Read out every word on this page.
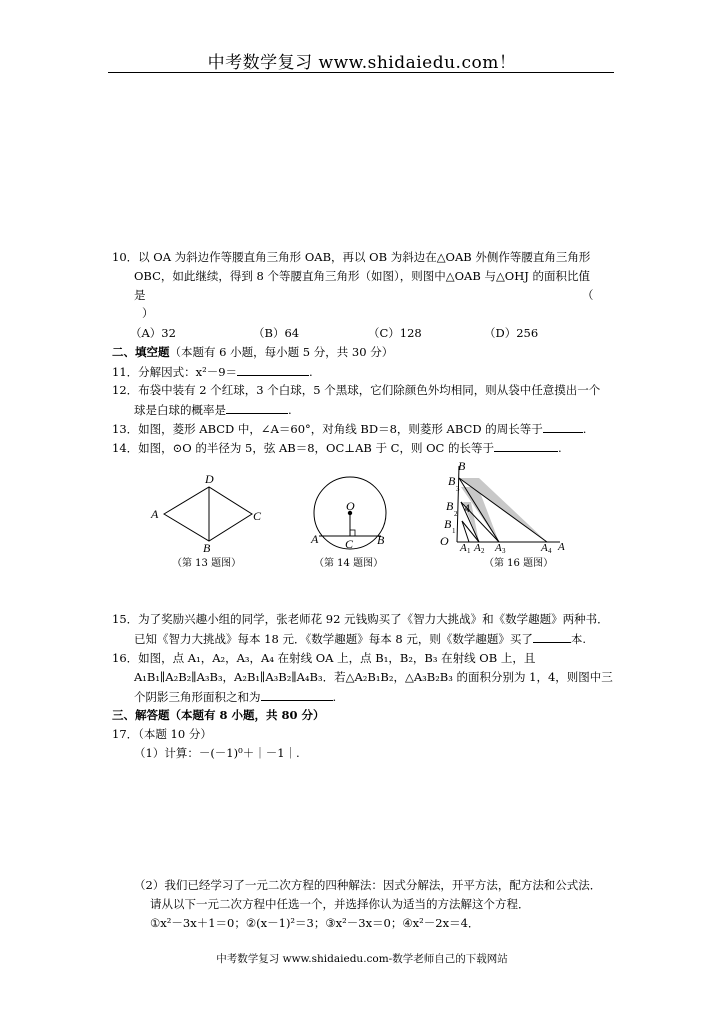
中考数学复习 www.shidaiedu.com！
10．以 OA 为斜边作等腰直角三角形 OAB，再以 OB 为斜边在△OAB 外侧作等腰直角三角形
OBC，如此继续，得到 8 个等腰直角三角形（如图），则图中△OAB 与△OHJ 的面积比值
是	（
）
（A）32	（B）64	（C）128	（D）256
二、填空题（本题有 6 小题，每小题 5 分，共 30 分）
11．分解因式：x²－9＝	.
12．布袋中装有 2 个红球，3 个白球，5 个黑球，它们除颜色外均相同，则从袋中任意摸出一个
球是白球的概率是	.
13．如图，菱形 ABCD 中，∠A＝60°，对角线 BD＝8，则菱形 ABCD 的周长等于	.
14．如图，⊙O 的半径为 5，弦 AB＝8，OC⊥AB 于 C，则 OC 的长等于	.
D
A	C
B
（第 13 题图）
O
A C B
（第 14 题图）
B
B
3
B
2 4
B 1
O A 1 A 2 A 3	A 4 A
（第 16 题图）
15．为了奖励兴趣小组的同学，张老师花 92 元钱购买了《智力大挑战》和《数学趣题》两种书．
已知《智力大挑战》每本 18 元．《数学趣题》每本 8 元，则《数学趣题》买了	本.
16．如图，点 A₁，A₂，A₃，A₄ 在射线 OA 上，点 B₁，B₂，B₃ 在射线 OB 上，且
A₁B₁∥A₂B₂∥A₃B₃，A₂B₁∥A₃B₂∥A₄B₃．若△A₂B₁B₂，△A₃B₂B₃ 的面积分别为 1，4，则图中三
个阴影三角形面积之和为	.
三、解答题（本题有 8 小题，共 80 分）
17．（本题 10 分）
（1）计算：－(－1)⁰＋｜－1｜.
（2）我们已经学习了一元二次方程的四种解法：因式分解法，开平方法，配方法和公式法．
请从以下一元二次方程中任选一个，并选择你认为适当的方法解这个方程．
①x²－3x＋1＝0；②(x－1)²＝3；③x²－3x＝0；④x²－2x＝4．
中考数学复习 www.shidaiedu.com-数学老师自己的下载网站
